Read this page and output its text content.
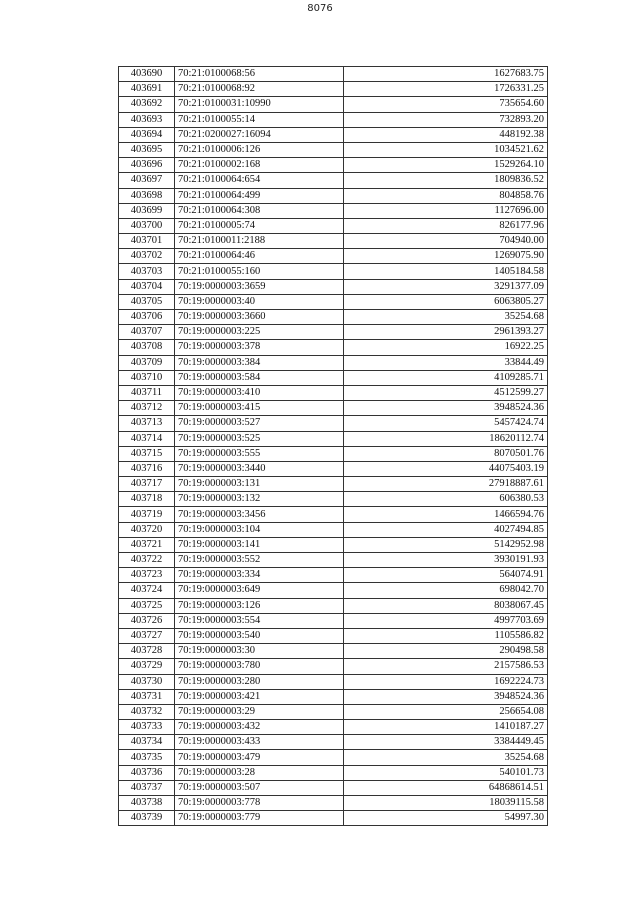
8076
403690	70:21:0100068:56	1627683.75
403691	70:21:0100068:92	1726331.25
403692	70:21:0100031:10990	735654.60
403693	70:21:0100055:14	732893.20
403694	70:21:0200027:16094	448192.38
403695	70:21:0100006:126	1034521.62
403696	70:21:0100002:168	1529264.10
403697	70:21:0100064:654	1809836.52
403698	70:21:0100064:499	804858.76
403699	70:21:0100064:308	1127696.00
403700	70:21:0100005:74	826177.96
403701	70:21:0100011:2188	704940.00
403702	70:21:0100064:46	1269075.90
403703	70:21:0100055:160	1405184.58
403704	70:19:0000003:3659	3291377.09
403705	70:19:0000003:40	6063805.27
403706	70:19:0000003:3660	35254.68
403707	70:19:0000003:225	2961393.27
403708	70:19:0000003:378	16922.25
403709	70:19:0000003:384	33844.49
403710	70:19:0000003:584	4109285.71
403711	70:19:0000003:410	4512599.27
403712	70:19:0000003:415	3948524.36
403713	70:19:0000003:527	5457424.74
403714	70:19:0000003:525	18620112.74
403715	70:19:0000003:555	8070501.76
403716	70:19:0000003:3440	44075403.19
403717	70:19:0000003:131	27918887.61
403718	70:19:0000003:132	606380.53
403719	70:19:0000003:3456	1466594.76
403720	70:19:0000003:104	4027494.85
403721	70:19:0000003:141	5142952.98
403722	70:19:0000003:552	3930191.93
403723	70:19:0000003:334	564074.91
403724	70:19:0000003:649	698042.70
403725	70:19:0000003:126	8038067.45
403726	70:19:0000003:554	4997703.69
403727	70:19:0000003:540	1105586.82
403728	70:19:0000003:30	290498.58
403729	70:19:0000003:780	2157586.53
403730	70:19:0000003:280	1692224.73
403731	70:19:0000003:421	3948524.36
403732	70:19:0000003:29	256654.08
403733	70:19:0000003:432	1410187.27
403734	70:19:0000003:433	3384449.45
403735	70:19:0000003:479	35254.68
403736	70:19:0000003:28	540101.73
403737	70:19:0000003:507	64868614.51
403738	70:19:0000003:778	18039115.58
403739	70:19:0000003:779	54997.30
